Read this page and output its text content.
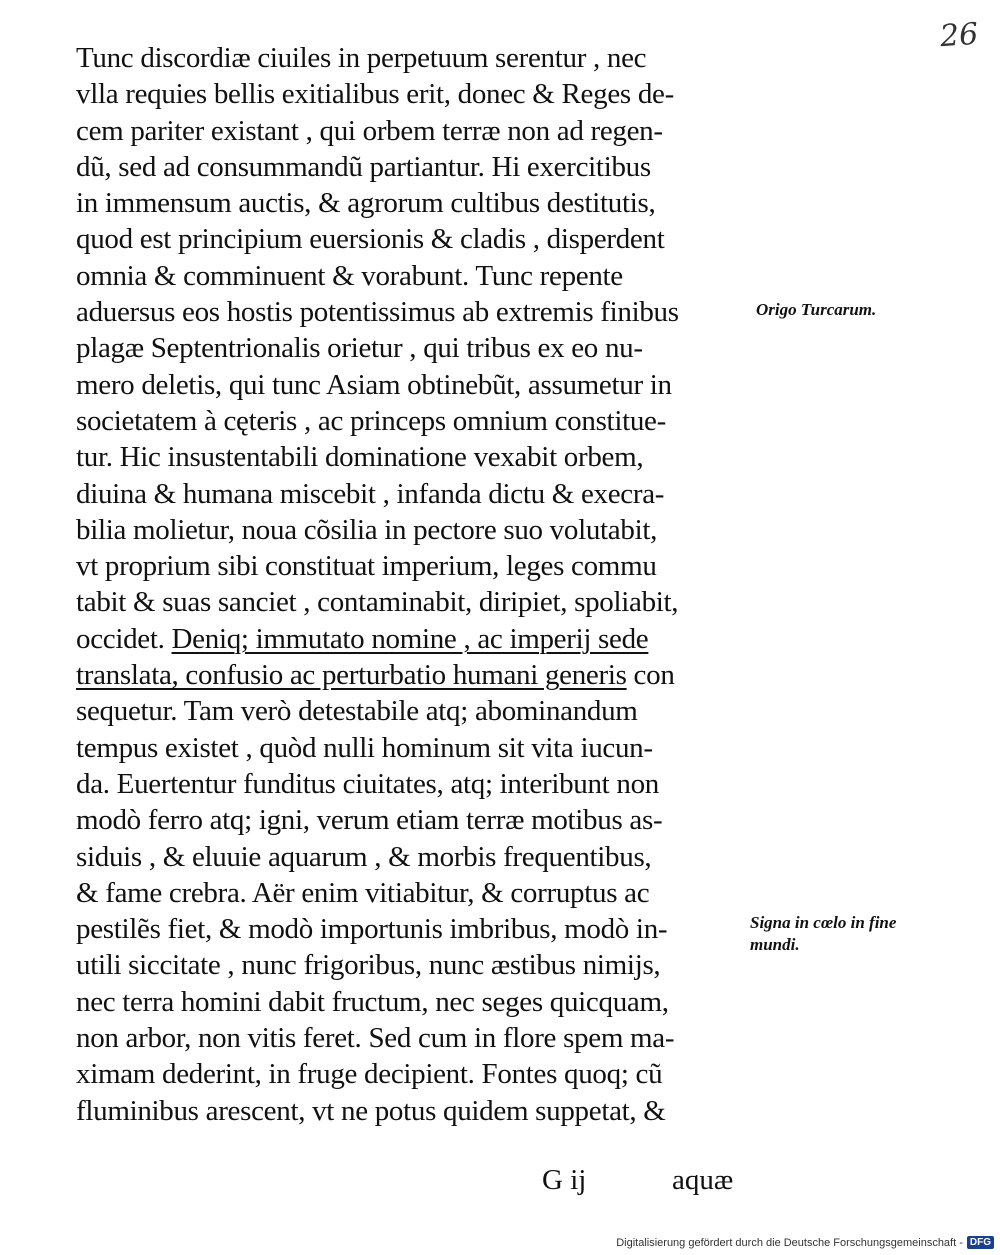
26
Tunc discordiæ ciuiles in perpetuum serentur , nec
vlla requies bellis exitialibus erit, donec & Reges de-
cem pariter existant , qui orbem terræ non ad regen-
dũ, sed ad consummandũ partiantur. Hi exercitibus
in immensum auctis, & agrorum cultibus destitutis,
quod est principium euersionis & cladis , disperdent
omnia & comminuent & vorabunt. Tunc repente
aduersus eos hostis potentissimus ab extremis finibus
plagæ Septentrionalis orietur , qui tribus ex eo nu-
mero deletis, qui tunc Asiam obtinebũt, assumetur in
societatem à cęteris , ac princeps omnium constitue-
tur. Hic insustentabili dominatione vexabit orbem,
diuina & humana miscebit , infanda dictu & execra-
bilia molietur, noua cõsilia in pectore suo volutabit,
vt proprium sibi constituat imperium, leges commu
tabit & suas sanciet , contaminabit, diripiet, spoliabit,
occidet. Deniq; immutato nomine , ac imperij sede
translata, confusio ac perturbatio humani generis con
sequetur. Tam verò detestabile atq; abominandum
tempus existet , quòd nulli hominum sit vita iucun-
da. Euertentur funditus ciuitates, atq; interibunt non
modò ferro atq; igni, verum etiam terræ motibus as-
siduis , & eluuie aquarum , & morbis frequentibus,
& fame crebra. Aër enim vitiabitur, & corruptus ac
pestilẽs fiet, & modò importunis imbribus, modò in-
utili siccitate , nunc frigoribus, nunc æstibus nimijs,
nec terra homini dabit fructum, nec seges quicquam,
non arbor, non vitis feret. Sed cum in flore spem ma-
ximam dederint, in fruge decipient. Fontes quoq; cũ
fluminibus arescent, vt ne potus quidem suppetat, &
Origo Turcarum.
Signa in cœlo in fine
mundi.
G ij	aquæ
Digitalisierung gefördert durch die Deutsche Forschungsgemeinschaft - DFG
